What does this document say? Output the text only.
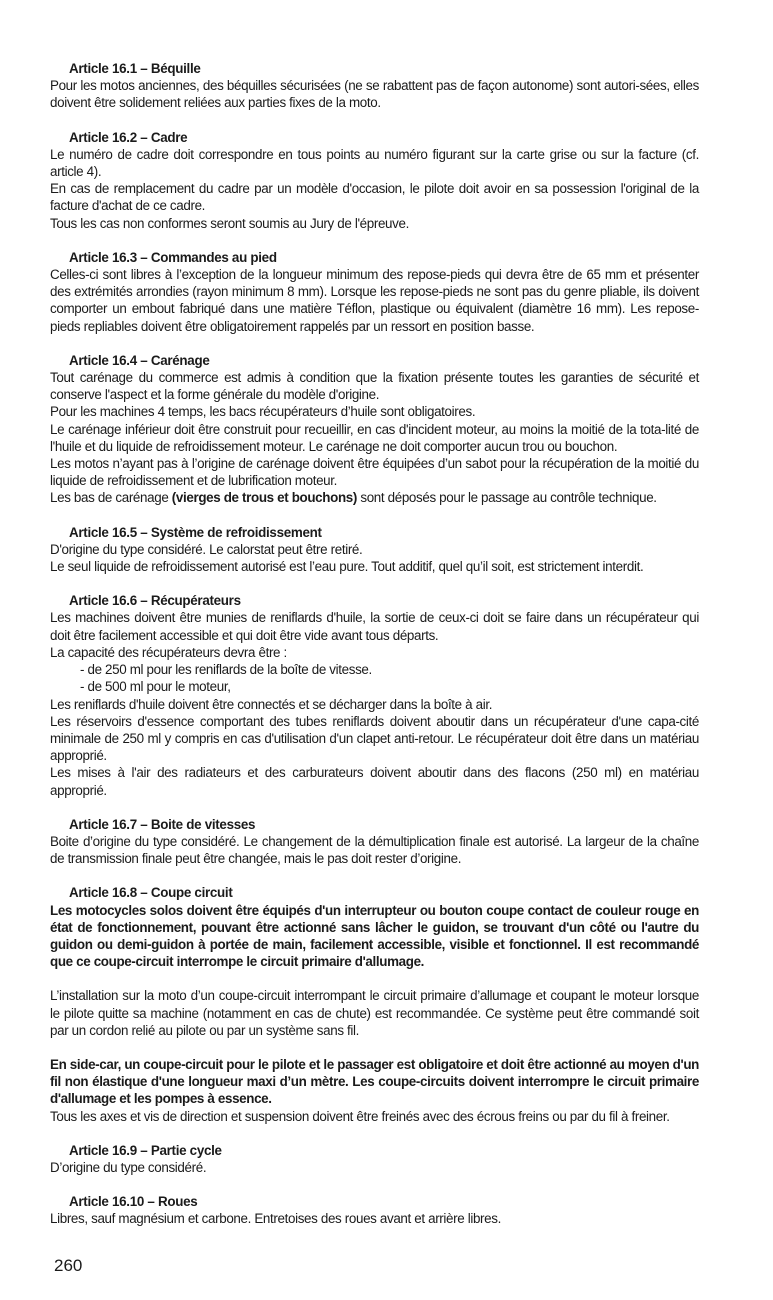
Article 16.1 – Béquille

Pour les motos anciennes, des béquilles sécurisées (ne se rabattent pas de façon autonome) sont autori-sées, elles doivent être solidement reliées aux parties fixes de la moto.

Article 16.2 – Cadre

Le numéro de cadre doit correspondre en tous points au numéro figurant sur la carte grise ou sur la facture (cf. article 4).

En cas de remplacement du cadre par un modèle d'occasion, le pilote doit avoir en sa possession l'original de la facture d'achat de ce cadre.

Tous les cas non conformes seront soumis au Jury de l'épreuve.

Article 16.3 – Commandes au pied

Celles-ci sont libres à l’exception de la longueur minimum des repose-pieds qui devra être de 65 mm et présenter des extrémités arrondies (rayon minimum 8 mm). Lorsque les repose-pieds ne sont pas du genre pliable, ils doivent comporter un embout fabriqué dans une matière Téflon, plastique ou équivalent (diamètre 16 mm). Les repose-pieds repliables doivent être obligatoirement rappelés par un ressort en position basse.

Article 16.4 – Carénage

Tout carénage du commerce est admis à condition que la fixation présente toutes les garanties de sécurité et conserve l'aspect et la forme générale du modèle d'origine.

Pour les machines 4 temps, les bacs récupérateurs d’huile sont obligatoires.

Le carénage inférieur doit être construit pour recueillir, en cas d'incident moteur, au moins la moitié de la tota-lité de l'huile et du liquide de refroidissement moteur. Le carénage ne doit comporter aucun trou ou bouchon.

Les motos n’ayant pas à l’origine de carénage doivent être équipées d’un sabot pour la récupération de la moitié du liquide de refroidissement et de lubrification moteur.

Les bas de carénage (vierges de trous et bouchons) sont déposés pour le passage au contrôle technique.

Article 16.5 – Système de refroidissement

D'origine du type considéré. Le calorstat peut être retiré.

Le seul liquide de refroidissement autorisé est l’eau pure. Tout additif, quel qu’il soit, est strictement interdit.

Article 16.6 – Récupérateurs

Les machines doivent être munies de reniflards d'huile, la sortie de ceux-ci doit se faire dans un récupérateur qui doit être facilement accessible et qui doit être vide avant tous départs.

La capacité des récupérateurs devra être :

- de 250 ml pour les reniflards de la boîte de vitesse.

- de 500 ml pour le moteur,

Les reniflards d'huile doivent être connectés et se décharger dans la boîte à air.

Les réservoirs d'essence comportant des tubes reniflards doivent aboutir dans un récupérateur d'une capa-cité minimale de 250 ml y compris en cas d'utilisation d'un clapet anti-retour. Le récupérateur doit être dans un matériau approprié.

Les mises à l'air des radiateurs et des carburateurs doivent aboutir dans des flacons (250 ml) en matériau approprié.

Article 16.7 – Boite de vitesses

Boite d’origine du type considéré. Le changement de la démultiplication finale est autorisé. La largeur de la chaîne de transmission finale peut être changée, mais le pas doit rester d’origine.

Article 16.8 – Coupe circuit

Les motocycles solos doivent être équipés d'un interrupteur ou bouton coupe contact de couleur rouge en état de fonctionnement, pouvant être actionné sans lâcher le guidon, se trouvant d'un côté ou l'autre du guidon ou demi-guidon à portée de main, facilement accessible, visible et fonctionnel. Il est recommandé que ce coupe-circuit interrompe le circuit primaire d'allumage.

L’installation sur la moto d’un coupe-circuit interrompant le circuit primaire d’allumage et coupant le moteur lorsque le pilote quitte sa machine (notamment en cas de chute) est recommandée. Ce système peut être commandé soit par un cordon relié au pilote ou par un système sans fil.

En side-car, un coupe-circuit pour le pilote et le passager est obligatoire et doit être actionné au moyen d'un fil non élastique d'une longueur maxi d’un mètre. Les coupe-circuits doivent interrompre le circuit primaire d'allumage et les pompes à essence.

Tous les axes et vis de direction et suspension doivent être freinés avec des écrous freins ou par du fil à freiner.

Article 16.9 – Partie cycle

D’origine du type considéré.

Article 16.10 – Roues

Libres, sauf magnésium et carbone. Entretoises des roues avant et arrière libres.

260
